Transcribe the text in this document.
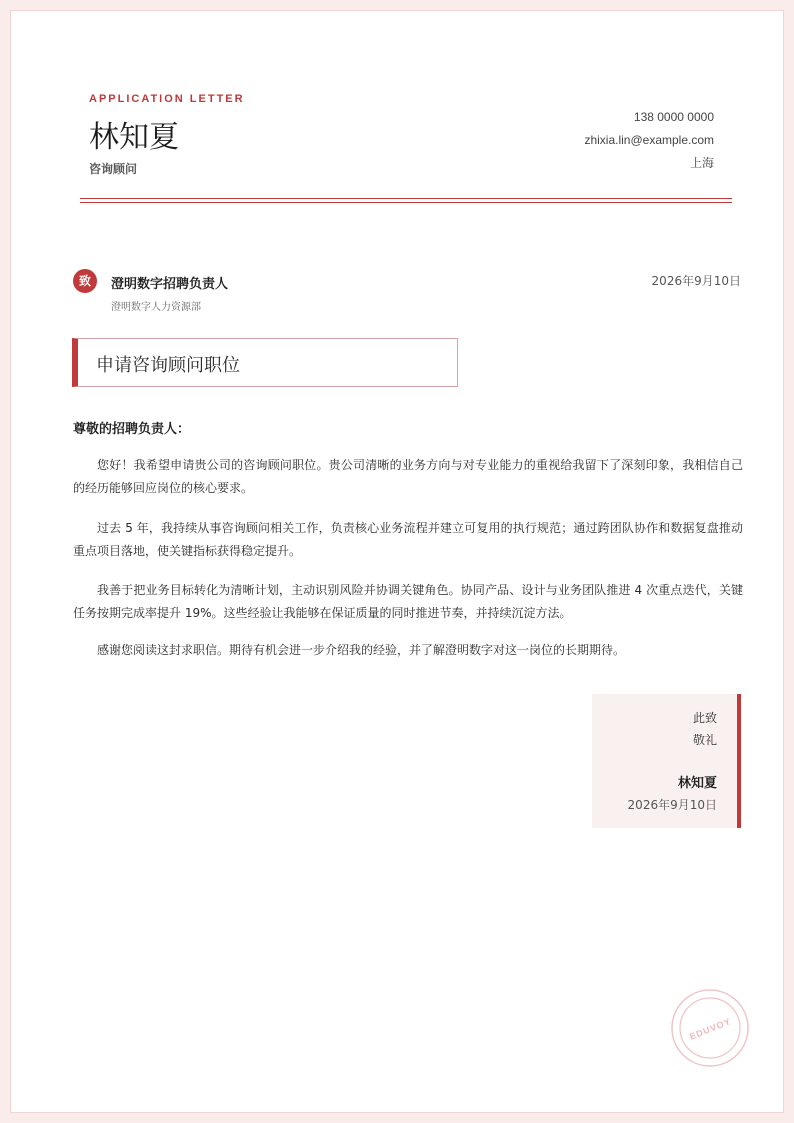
APPLICATION LETTER
林知夏
咨询顾问
138 0000 0000
zhixia.lin@example.com
上海
致	澄明数字招聘负责人
澄明数字人力资源部
2026年9月10日
申请咨询顾问职位
尊敬的招聘负责人：
您好！我希望申请贵公司的咨询顾问职位。贵公司清晰的业务方向与对专业能力的重视给我留下了深刻印象，我相信自己的经历能够回应岗位的核心要求。
过去 5 年，我持续从事咨询顾问相关工作，负责核心业务流程并建立可复用的执行规范；通过跨团队协作和数据复盘推动重点项目落地，使关键指标获得稳定提升。
我善于把业务目标转化为清晰计划，主动识别风险并协调关键角色。协同产品、设计与业务团队推进 4 次重点迭代，关键任务按期完成率提升 19%。这些经验让我能够在保证质量的同时推进节奏，并持续沉淀方法。
感谢您阅读这封求职信。期待有机会进一步介绍我的经验，并了解澄明数字对这一岗位的长期期待。
此致
敬礼
林知夏
2026年9月10日
EDUVOY
